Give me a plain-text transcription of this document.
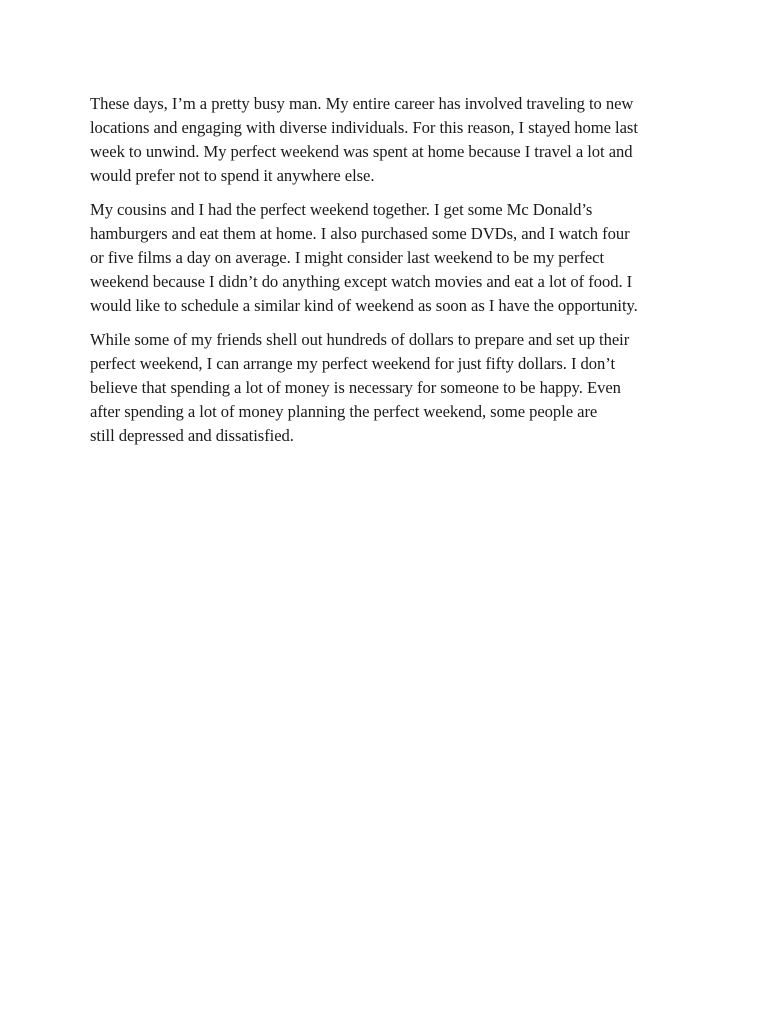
These days, I’m a pretty busy man. My entire career has involved traveling to new
locations and engaging with diverse individuals. For this reason, I stayed home last
week to unwind. My perfect weekend was spent at home because I travel a lot and
would prefer not to spend it anywhere else.

My cousins and I had the perfect weekend together. I get some Mc Donald’s
hamburgers and eat them at home. I also purchased some DVDs, and I watch four
or five films a day on average. I might consider last weekend to be my perfect
weekend because I didn’t do anything except watch movies and eat a lot of food. I
would like to schedule a similar kind of weekend as soon as I have the opportunity.

While some of my friends shell out hundreds of dollars to prepare and set up their
perfect weekend, I can arrange my perfect weekend for just fifty dollars. I don’t
believe that spending a lot of money is necessary for someone to be happy. Even
after spending a lot of money planning the perfect weekend, some people are
still depressed and dissatisfied.
